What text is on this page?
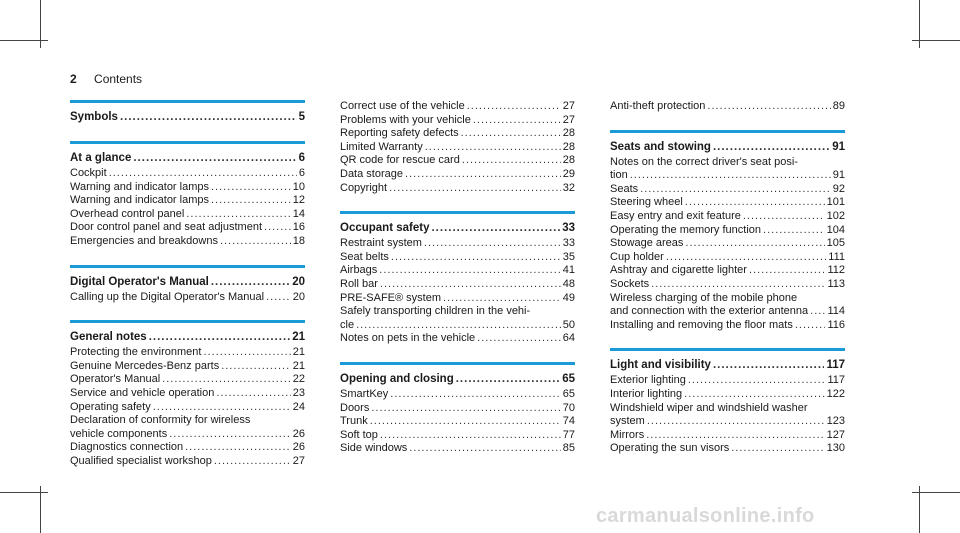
2 Contents
Symbols .....	5
At a glance .....	6
Cockpit .....	6
Warning and indicator lamps .....	10
Warning and indicator lamps .....	12
Overhead control panel .....	14
Door control panel and seat adjustment .....	16
Emergencies and breakdowns .....	18
Digital Operator's Manual .....	20
Calling up the Digital Operator's Manual .....	20
General notes .....	21
Protecting the environment .....	21
Genuine Mercedes-Benz parts .....	21
Operator's Manual .....	22
Service and vehicle operation .....	23
Operating safety .....	24
Declaration of conformity for wireless
vehicle components .....	26
Diagnostics connection .....	26
Qualified specialist workshop .....	27
Correct use of the vehicle .....	27
Problems with your vehicle .....	27
Reporting safety defects .....	28
Limited Warranty .....	28
QR code for rescue card .....	28
Data storage .....	29
Copyright .....	32
Occupant safety .....	33
Restraint system .....	33
Seat belts .....	35
Airbags .....	41
Roll bar .....	48
PRE-SAFE® system .....	49
Safely transporting children in the vehi-
cle .....	50
Notes on pets in the vehicle .....	64
Opening and closing .....	65
SmartKey .....	65
Doors .....	70
Trunk .....	74
Soft top .....	77
Side windows .....	85
Anti-theft protection .....	89
Seats and stowing .....	91
Notes on the correct driver's seat posi-
tion .....	91
Seats .....	92
Steering wheel .....	101
Easy entry and exit feature .....	102
Operating the memory function .....	104
Stowage areas .....	105
Cup holder .....	111
Ashtray and cigarette lighter .....	112
Sockets .....	113
Wireless charging of the mobile phone
and connection with the exterior antenna ..... 114
Installing and removing the floor mats .....	116
Light and visibility .....	117
Exterior lighting .....	117
Interior lighting .....	122
Windshield wiper and windshield washer
system .....	123
Mirrors .....	127
Operating the sun visors .....	130
carmanualsonline.info
